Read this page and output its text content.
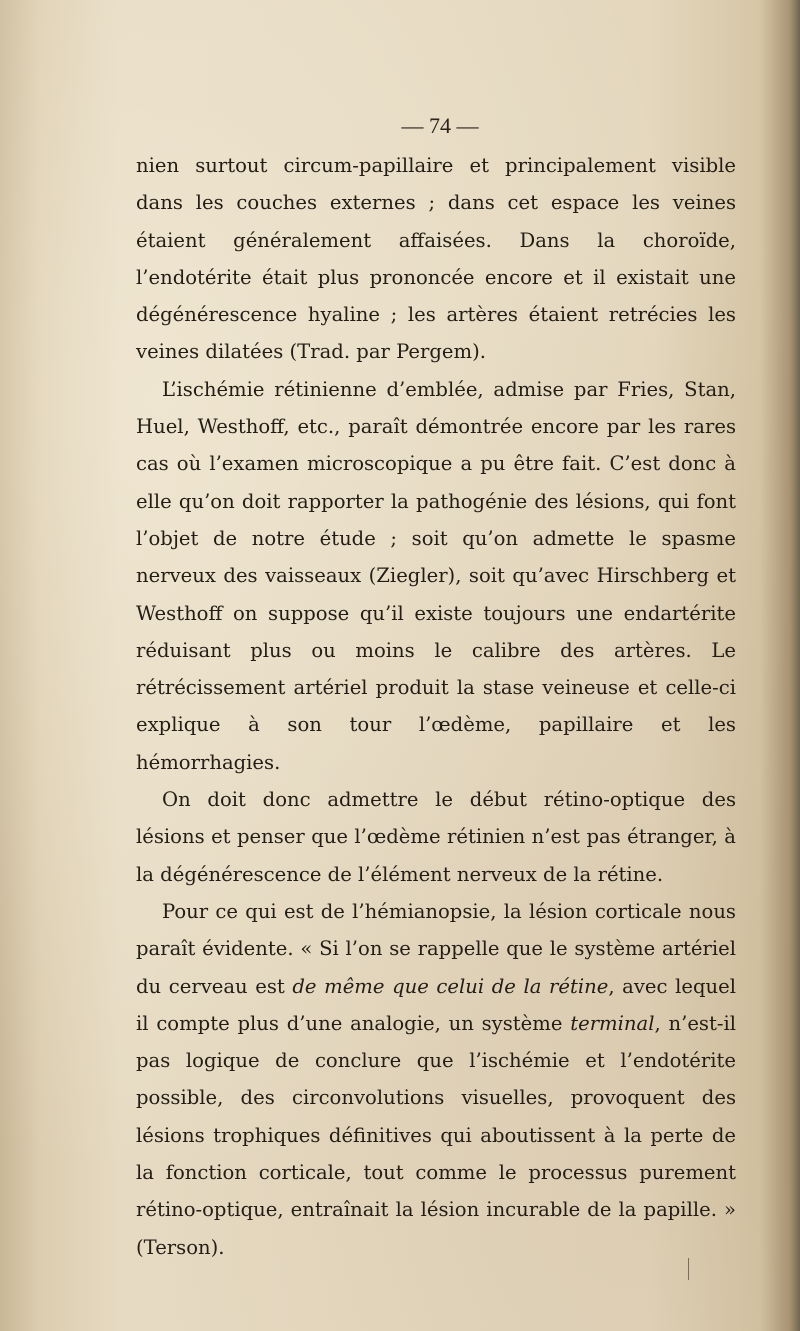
— 74 —

nien surtout circum-papillaire et principalement visible dans les couches externes ; dans cet espace les veines étaient généralement affaisées. Dans la choroïde, l’endotérite était plus prononcée encore et il existait une dégénérescence hyaline ; les artères étaient retrécies les veines dilatées (Trad. par Pergem).

L’ischémie rétinienne d’emblée, admise par Fries, Stan, Huel, Westhoff, etc., paraît démontrée encore par les rares cas où l’examen microscopique a pu être fait. C’est donc à elle qu’on doit rapporter la pathogénie des lésions, qui font l’objet de notre étude ; soit qu’on admette le spasme nerveux des vaisseaux (Ziegler), soit qu’avec Hirschberg et Westhoff on suppose qu’il existe toujours une endartérite réduisant plus ou moins le calibre des artères. Le rétrécissement artériel produit la stase veineuse et celle-ci explique à son tour l’œdème, papillaire et les hémorrhagies.

On doit donc admettre le début rétino-optique des lésions et penser que l’œdème rétinien n’est pas étranger, à la dégénérescence de l’élément nerveux de la rétine.

Pour ce qui est de l’hémianopsie, la lésion corticale nous paraît évidente. « Si l’on se rappelle que le système artériel du cerveau est de même que celui de la rétine, avec lequel il compte plus d’une analogie, un système terminal, n’est-il pas logique de conclure que l’ischémie et l’endotérite possible, des circonvolutions visuelles, provoquent des lésions trophiques définitives qui aboutissent à la perte de la fonction corticale, tout comme le processus purement rétino-optique, entraînait la lésion incurable de la papille. » (Terson).
